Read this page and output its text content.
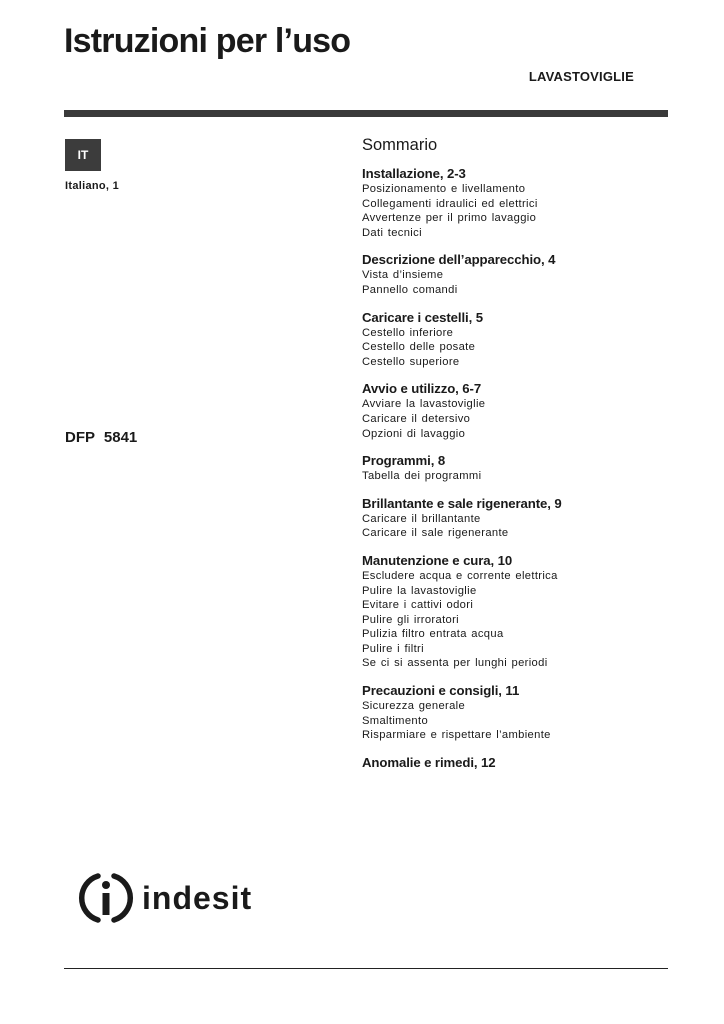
Istruzioni per l’uso
LAVASTOVIGLIE
IT
Italiano, 1
DFP 5841
Sommario
Installazione, 2-3
Posizionamento e livellamento
Collegamenti idraulici ed elettrici
Avvertenze per il primo lavaggio
Dati tecnici
Descrizione dell’apparecchio, 4
Vista d’insieme
Pannello comandi
Caricare i cestelli, 5
Cestello inferiore
Cestello delle posate
Cestello superiore
Avvio e utilizzo, 6-7
Avviare la lavastoviglie
Caricare il detersivo
Opzioni di lavaggio
Programmi, 8
Tabella dei programmi
Brillantante e sale rigenerante, 9
Caricare il brillantante
Caricare il sale rigenerante
Manutenzione e cura, 10
Escludere acqua e corrente elettrica
Pulire la lavastoviglie
Evitare i cattivi odori
Pulire gli irroratori
Pulizia filtro entrata acqua
Pulire i filtri
Se ci si assenta per lunghi periodi
Precauzioni e consigli, 11
Sicurezza generale
Smaltimento
Risparmiare e rispettare l’ambiente
Anomalie e rimedi, 12
indesit
